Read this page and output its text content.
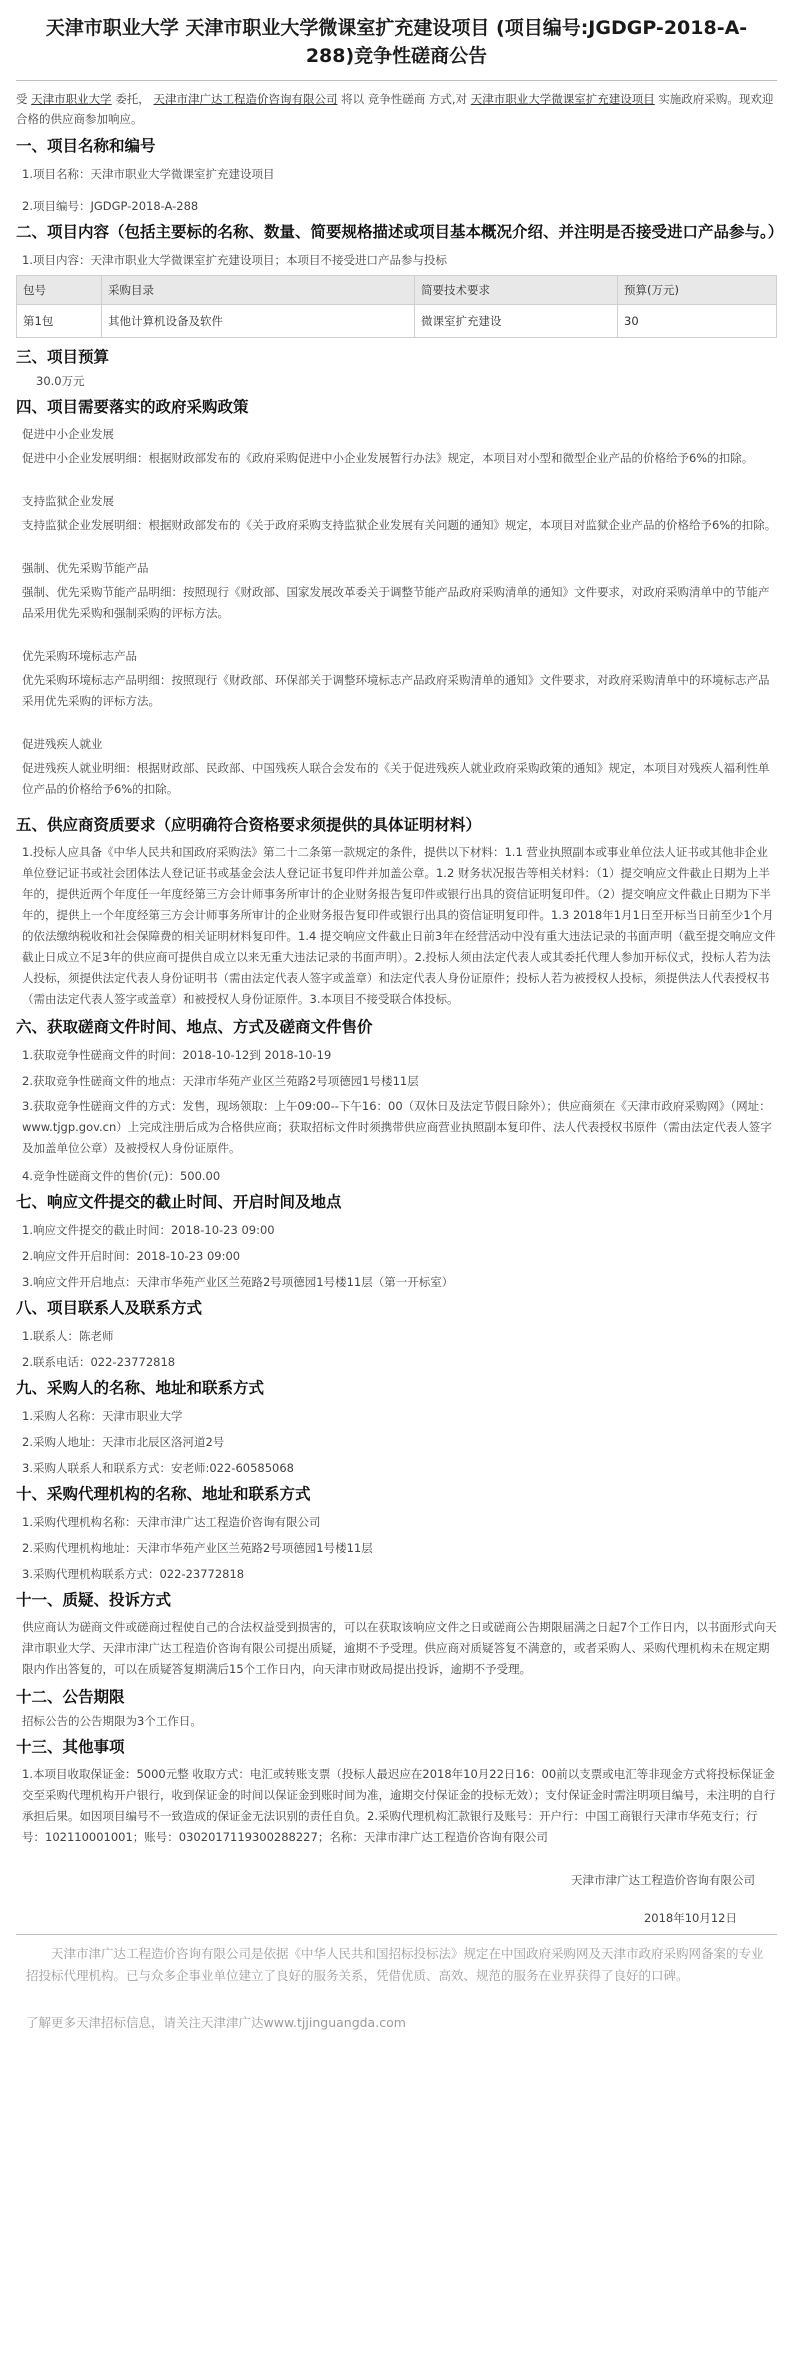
天津市职业大学 天津市职业大学微课室扩充建设项目 (项目编号:JGDGP-2018-A-288)竞争性磋商公告

受 天津市职业大学 委托， 天津市津广达工程造价咨询有限公司 将以 竞争性磋商 方式,对 天津市职业大学微课室扩充建设项目 实施政府采购。现欢迎合格的供应商参加响应。

一、项目名称和编号
1.项目名称：天津市职业大学微课室扩充建设项目
2.项目编号：JGDGP-2018-A-288
二、项目内容（包括主要标的名称、数量、简要规格描述或项目基本概况介绍、并注明是否接受进口产品参与。）
1.项目内容：天津市职业大学微课室扩充建设项目；本项目不接受进口产品参与投标
包号	采购目录	简要技术要求	预算(万元)
第1包	其他计算机设备及软件	微课室扩充建设	30
三、项目预算
30.0万元
四、项目需要落实的政府采购政策
促进中小企业发展
促进中小企业发展明细：根据财政部发布的《政府采购促进中小企业发展暂行办法》规定，本项目对小型和微型企业产品的价格给予6%的扣除。
支持监狱企业发展
支持监狱企业发展明细：根据财政部发布的《关于政府采购支持监狱企业发展有关问题的通知》规定，本项目对监狱企业产品的价格给予6%的扣除。
强制、优先采购节能产品
强制、优先采购节能产品明细：按照现行《财政部、国家发展改革委关于调整节能产品政府采购清单的通知》文件要求，对政府采购清单中的节能产品采用优先采购和强制采购的评标方法。
优先采购环境标志产品
优先采购环境标志产品明细：按照现行《财政部、环保部关于调整环境标志产品政府采购清单的通知》文件要求，对政府采购清单中的环境标志产品采用优先采购的评标方法。
促进残疾人就业
促进残疾人就业明细：根据财政部、民政部、中国残疾人联合会发布的《关于促进残疾人就业政府采购政策的通知》规定，本项目对残疾人福利性单位产品的价格给予6%的扣除。
五、供应商资质要求（应明确符合资格要求须提供的具体证明材料）
1.投标人应具备《中华人民共和国政府采购法》第二十二条第一款规定的条件，提供以下材料：1.1 营业执照副本或事业单位法人证书或其他非企业单位登记证书或社会团体法人登记证书或基金会法人登记证书复印件并加盖公章。1.2 财务状况报告等相关材料：（1）提交响应文件截止日期为上半年的，提供近两个年度任一年度经第三方会计师事务所审计的企业财务报告复印件或银行出具的资信证明复印件。（2）提交响应文件截止日期为下半年的，提供上一个年度经第三方会计师事务所审计的企业财务报告复印件或银行出具的资信证明复印件。1.3 2018年1月1日至开标当日前至少1个月的依法缴纳税收和社会保障费的相关证明材料复印件。1.4 提交响应文件截止日前3年在经营活动中没有重大违法记录的书面声明（截至提交响应文件截止日成立不足3年的供应商可提供自成立以来无重大违法记录的书面声明）。2.投标人须由法定代表人或其委托代理人参加开标仪式，投标人若为法人投标，须提供法定代表人身份证明书（需由法定代表人签字或盖章）和法定代表人身份证原件；投标人若为被授权人投标，须提供法人代表授权书（需由法定代表人签字或盖章）和被授权人身份证原件。3.本项目不接受联合体投标。
六、获取磋商文件时间、地点、方式及磋商文件售价
1.获取竞争性磋商文件的时间：2018-10-12到 2018-10-19
2.获取竞争性磋商文件的地点：天津市华苑产业区兰苑路2号项德园1号楼11层
3.获取竞争性磋商文件的方式：发售，现场领取：上午09:00--下午16：00（双休日及法定节假日除外）；供应商须在《天津市政府采购网》（网址：www.tjgp.gov.cn）上完成注册后成为合格供应商；获取招标文件时须携带供应商营业执照副本复印件、法人代表授权书原件（需由法定代表人签字及加盖单位公章）及被授权人身份证原件。
4.竞争性磋商文件的售价(元)：500.00
七、响应文件提交的截止时间、开启时间及地点
1.响应文件提交的截止时间：2018-10-23 09:00
2.响应文件开启时间：2018-10-23 09:00
3.响应文件开启地点：天津市华苑产业区兰苑路2号项德园1号楼11层（第一开标室）
八、项目联系人及联系方式
1.联系人：陈老师
2.联系电话：022-23772818
九、采购人的名称、地址和联系方式
1.采购人名称：天津市职业大学
2.采购人地址：天津市北辰区洛河道2号
3.采购人联系人和联系方式：安老师:022-60585068
十、采购代理机构的名称、地址和联系方式
1.采购代理机构名称：天津市津广达工程造价咨询有限公司
2.采购代理机构地址：天津市华苑产业区兰苑路2号项德园1号楼11层
3.采购代理机构联系方式：022-23772818
十一、质疑、投诉方式
供应商认为磋商文件或磋商过程使自己的合法权益受到损害的，可以在获取该响应文件之日或磋商公告期限届满之日起7个工作日内，以书面形式向天津市职业大学、天津市津广达工程造价咨询有限公司提出质疑，逾期不予受理。供应商对质疑答复不满意的，或者采购人、采购代理机构未在规定期限内作出答复的，可以在质疑答复期满后15个工作日内，向天津市财政局提出投诉，逾期不予受理。
十二、公告期限
招标公告的公告期限为3个工作日。
十三、其他事项
1.本项目收取保证金：5000元整 收取方式：电汇或转账支票（投标人最迟应在2018年10月22日16：00前以支票或电汇等非现金方式将投标保证金交至采购代理机构开户银行，收到保证金的时间以保证金到账时间为准，逾期交付保证金的投标无效）；支付保证金时需注明项目编号，未注明的自行承担后果。如因项目编号不一致造成的保证金无法识别的责任自负。2.采购代理机构汇款银行及账号：开户行：中国工商银行天津市华苑支行；行号：102110001001；账号：0302017119300288227；名称：天津市津广达工程造价咨询有限公司
天津市津广达工程造价咨询有限公司
2018年10月12日
天津市津广达工程造价咨询有限公司是依据《中华人民共和国招标投标法》规定在中国政府采购网及天津市政府采购网备案的专业招投标代理机构。已与众多企事业单位建立了良好的服务关系，凭借优质、高效、规范的服务在业界获得了良好的口碑。
了解更多天津招标信息，请关注天津津广达www.tjjinguangda.com
